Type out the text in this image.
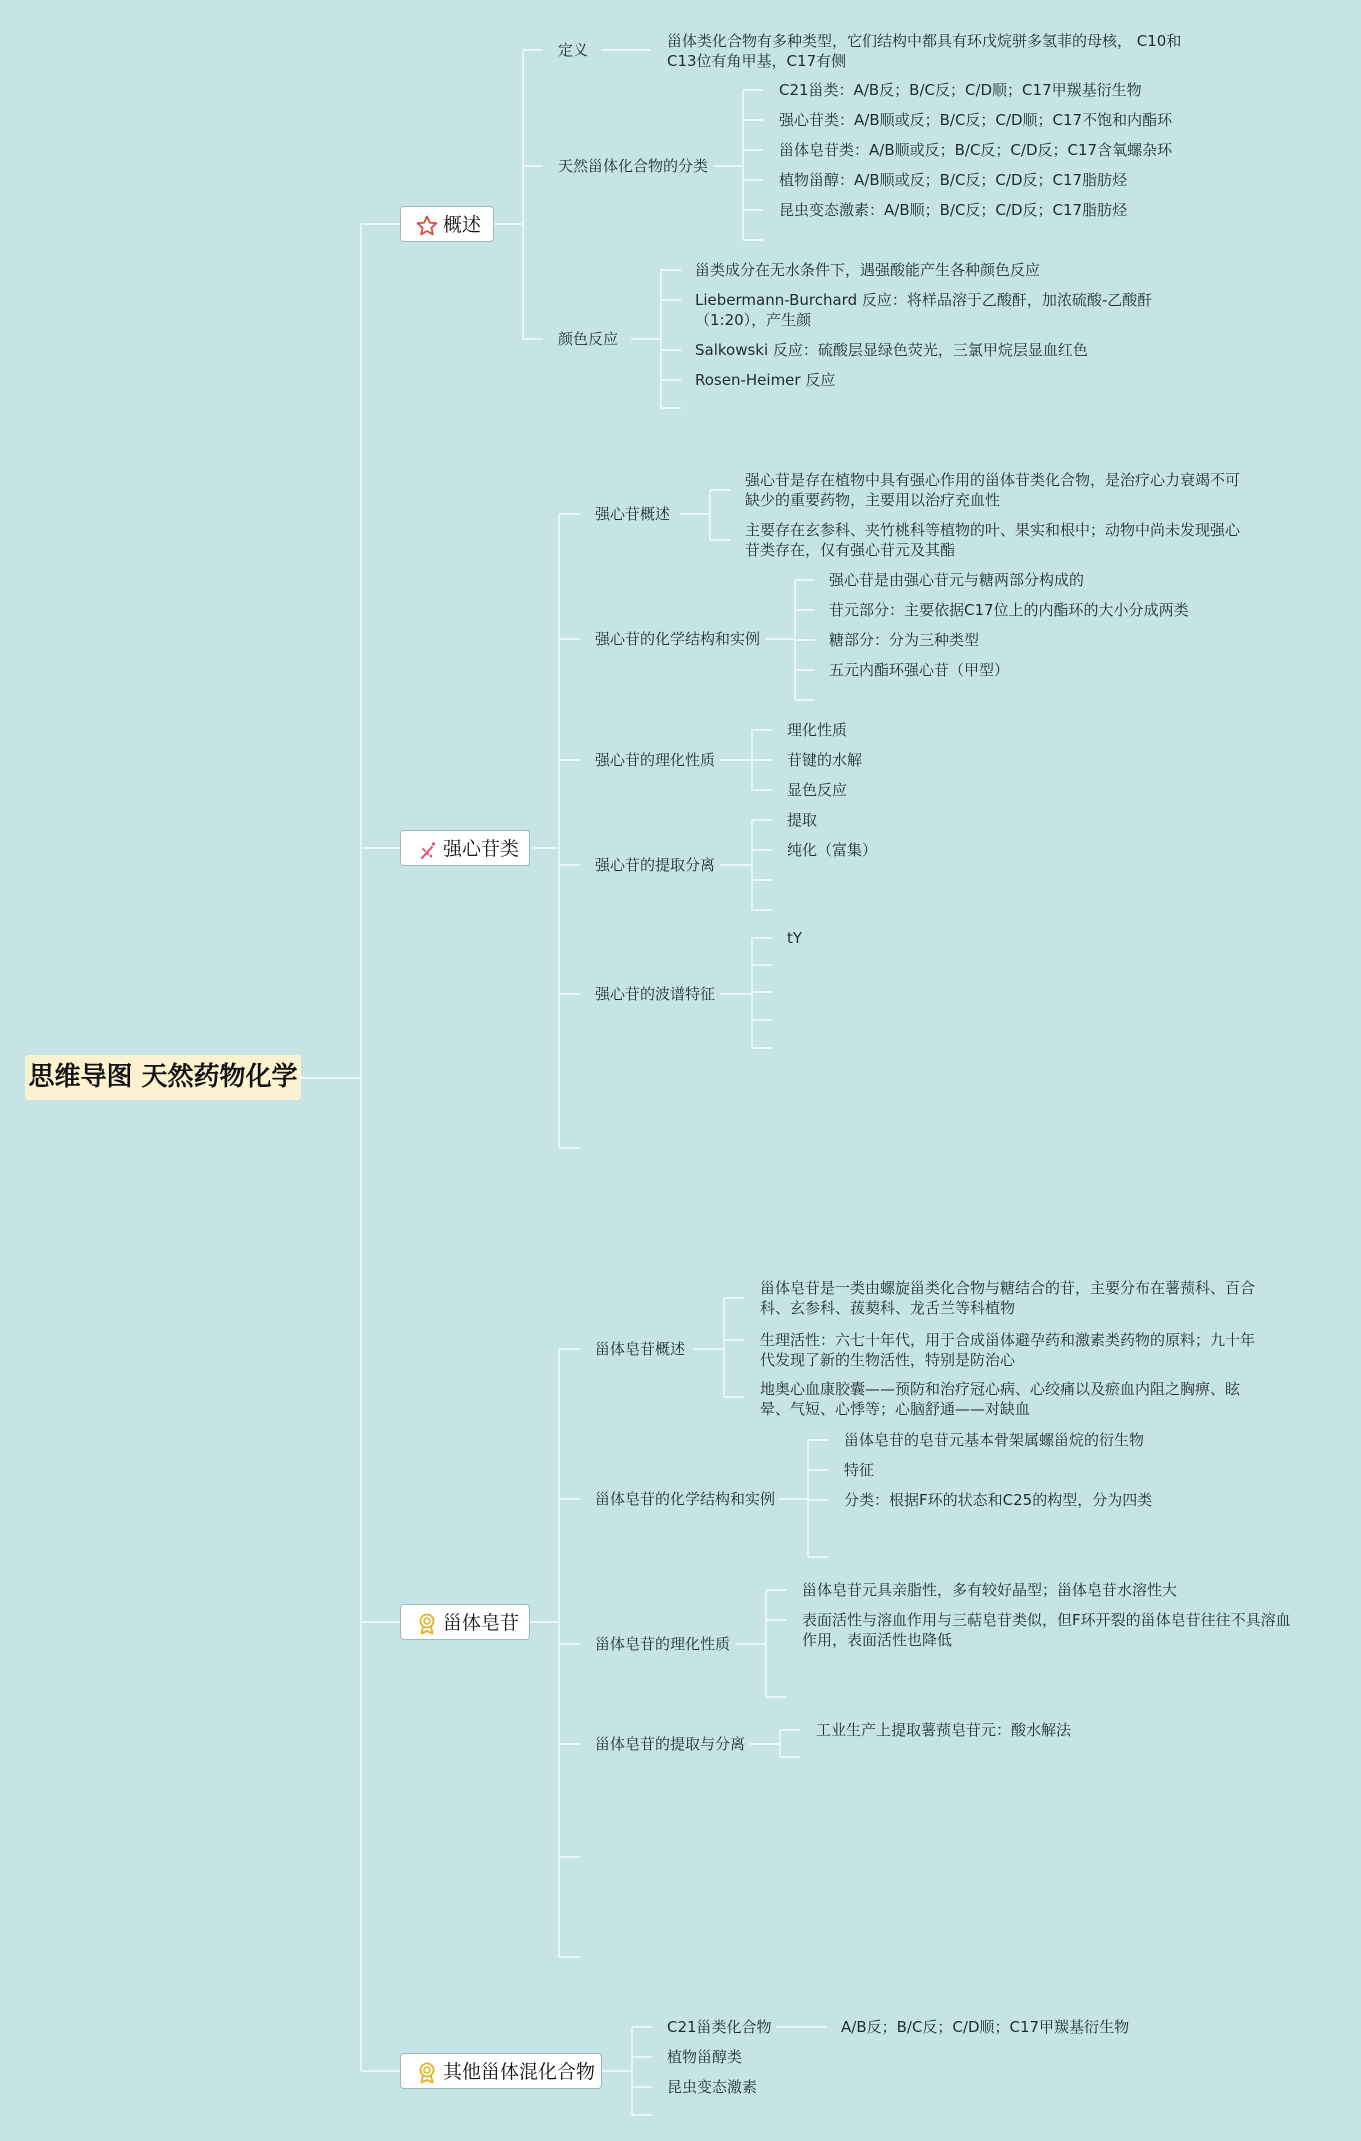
思维导图 天然药物化学
概述
定义	甾体类化合物有多种类型，它们结构中都具有环戊烷骈多氢菲的母核， C10和C13位有角甲基，C17有侧
天然甾体化合物的分类
C21甾类：A/B反；B/C反；C/D顺；C17甲羰基衍生物
强心苷类：A/B顺或反；B/C反；C/D顺；C17不饱和内酯环
甾体皂苷类：A/B顺或反；B/C反；C/D反；C17含氧螺杂环
植物甾醇：A/B顺或反；B/C反；C/D反；C17脂肪烃
昆虫变态激素：A/B顺；B/C反；C/D反；C17脂肪烃
颜色反应
甾类成分在无水条件下，遇强酸能产生各种颜色反应
Liebermann-Burchard 反应：将样品溶于乙酸酐，加浓硫酸-乙酸酐（1:20），产生颜
Salkowski 反应：硫酸层显绿色荧光，三氯甲烷层显血红色
Rosen-Heimer 反应
强心苷类
强心苷概述
强心苷是存在植物中具有强心作用的甾体苷类化合物，是治疗心力衰竭不可缺少的重要药物，主要用以治疗充血性
主要存在玄参科、夹竹桃科等植物的叶、果实和根中；动物中尚未发现强心苷类存在，仅有强心苷元及其酯
强心苷的化学结构和实例
强心苷是由强心苷元与糖两部分构成的
苷元部分：主要依据C17位上的内酯环的大小分成两类
糖部分：分为三种类型
五元内酯环强心苷（甲型）
强心苷的理化性质
理化性质
苷键的水解
显色反应
强心苷的提取分离
提取
纯化（富集）
强心苷的波谱特征
tY
甾体皂苷
甾体皂苷概述
甾体皂苷是一类由螺旋甾类化合物与糖结合的苷，主要分布在薯蓣科、百合科、玄参科、菝葜科、龙舌兰等科植物
生理活性：六七十年代，用于合成甾体避孕药和激素类药物的原料；九十年代发现了新的生物活性，特别是防治心
地奥心血康胶囊——预防和治疗冠心病、心绞痛以及瘀血内阻之胸痹、眩晕、气短、心悸等；心脑舒通——对缺血
甾体皂苷的化学结构和实例
甾体皂苷的皂苷元基本骨架属螺甾烷的衍生物
特征
分类：根据F环的状态和C25的构型，分为四类
甾体皂苷的理化性质
甾体皂苷元具亲脂性，多有较好晶型；甾体皂苷水溶性大
表面活性与溶血作用与三萜皂苷类似，但F环开裂的甾体皂苷往往不具溶血作用，表面活性也降低
甾体皂苷的提取与分离
工业生产上提取薯蓣皂苷元：酸水解法
其他甾体混化合物
C21甾类化合物	A/B反；B/C反；C/D顺；C17甲羰基衍生物
植物甾醇类
昆虫变态激素
